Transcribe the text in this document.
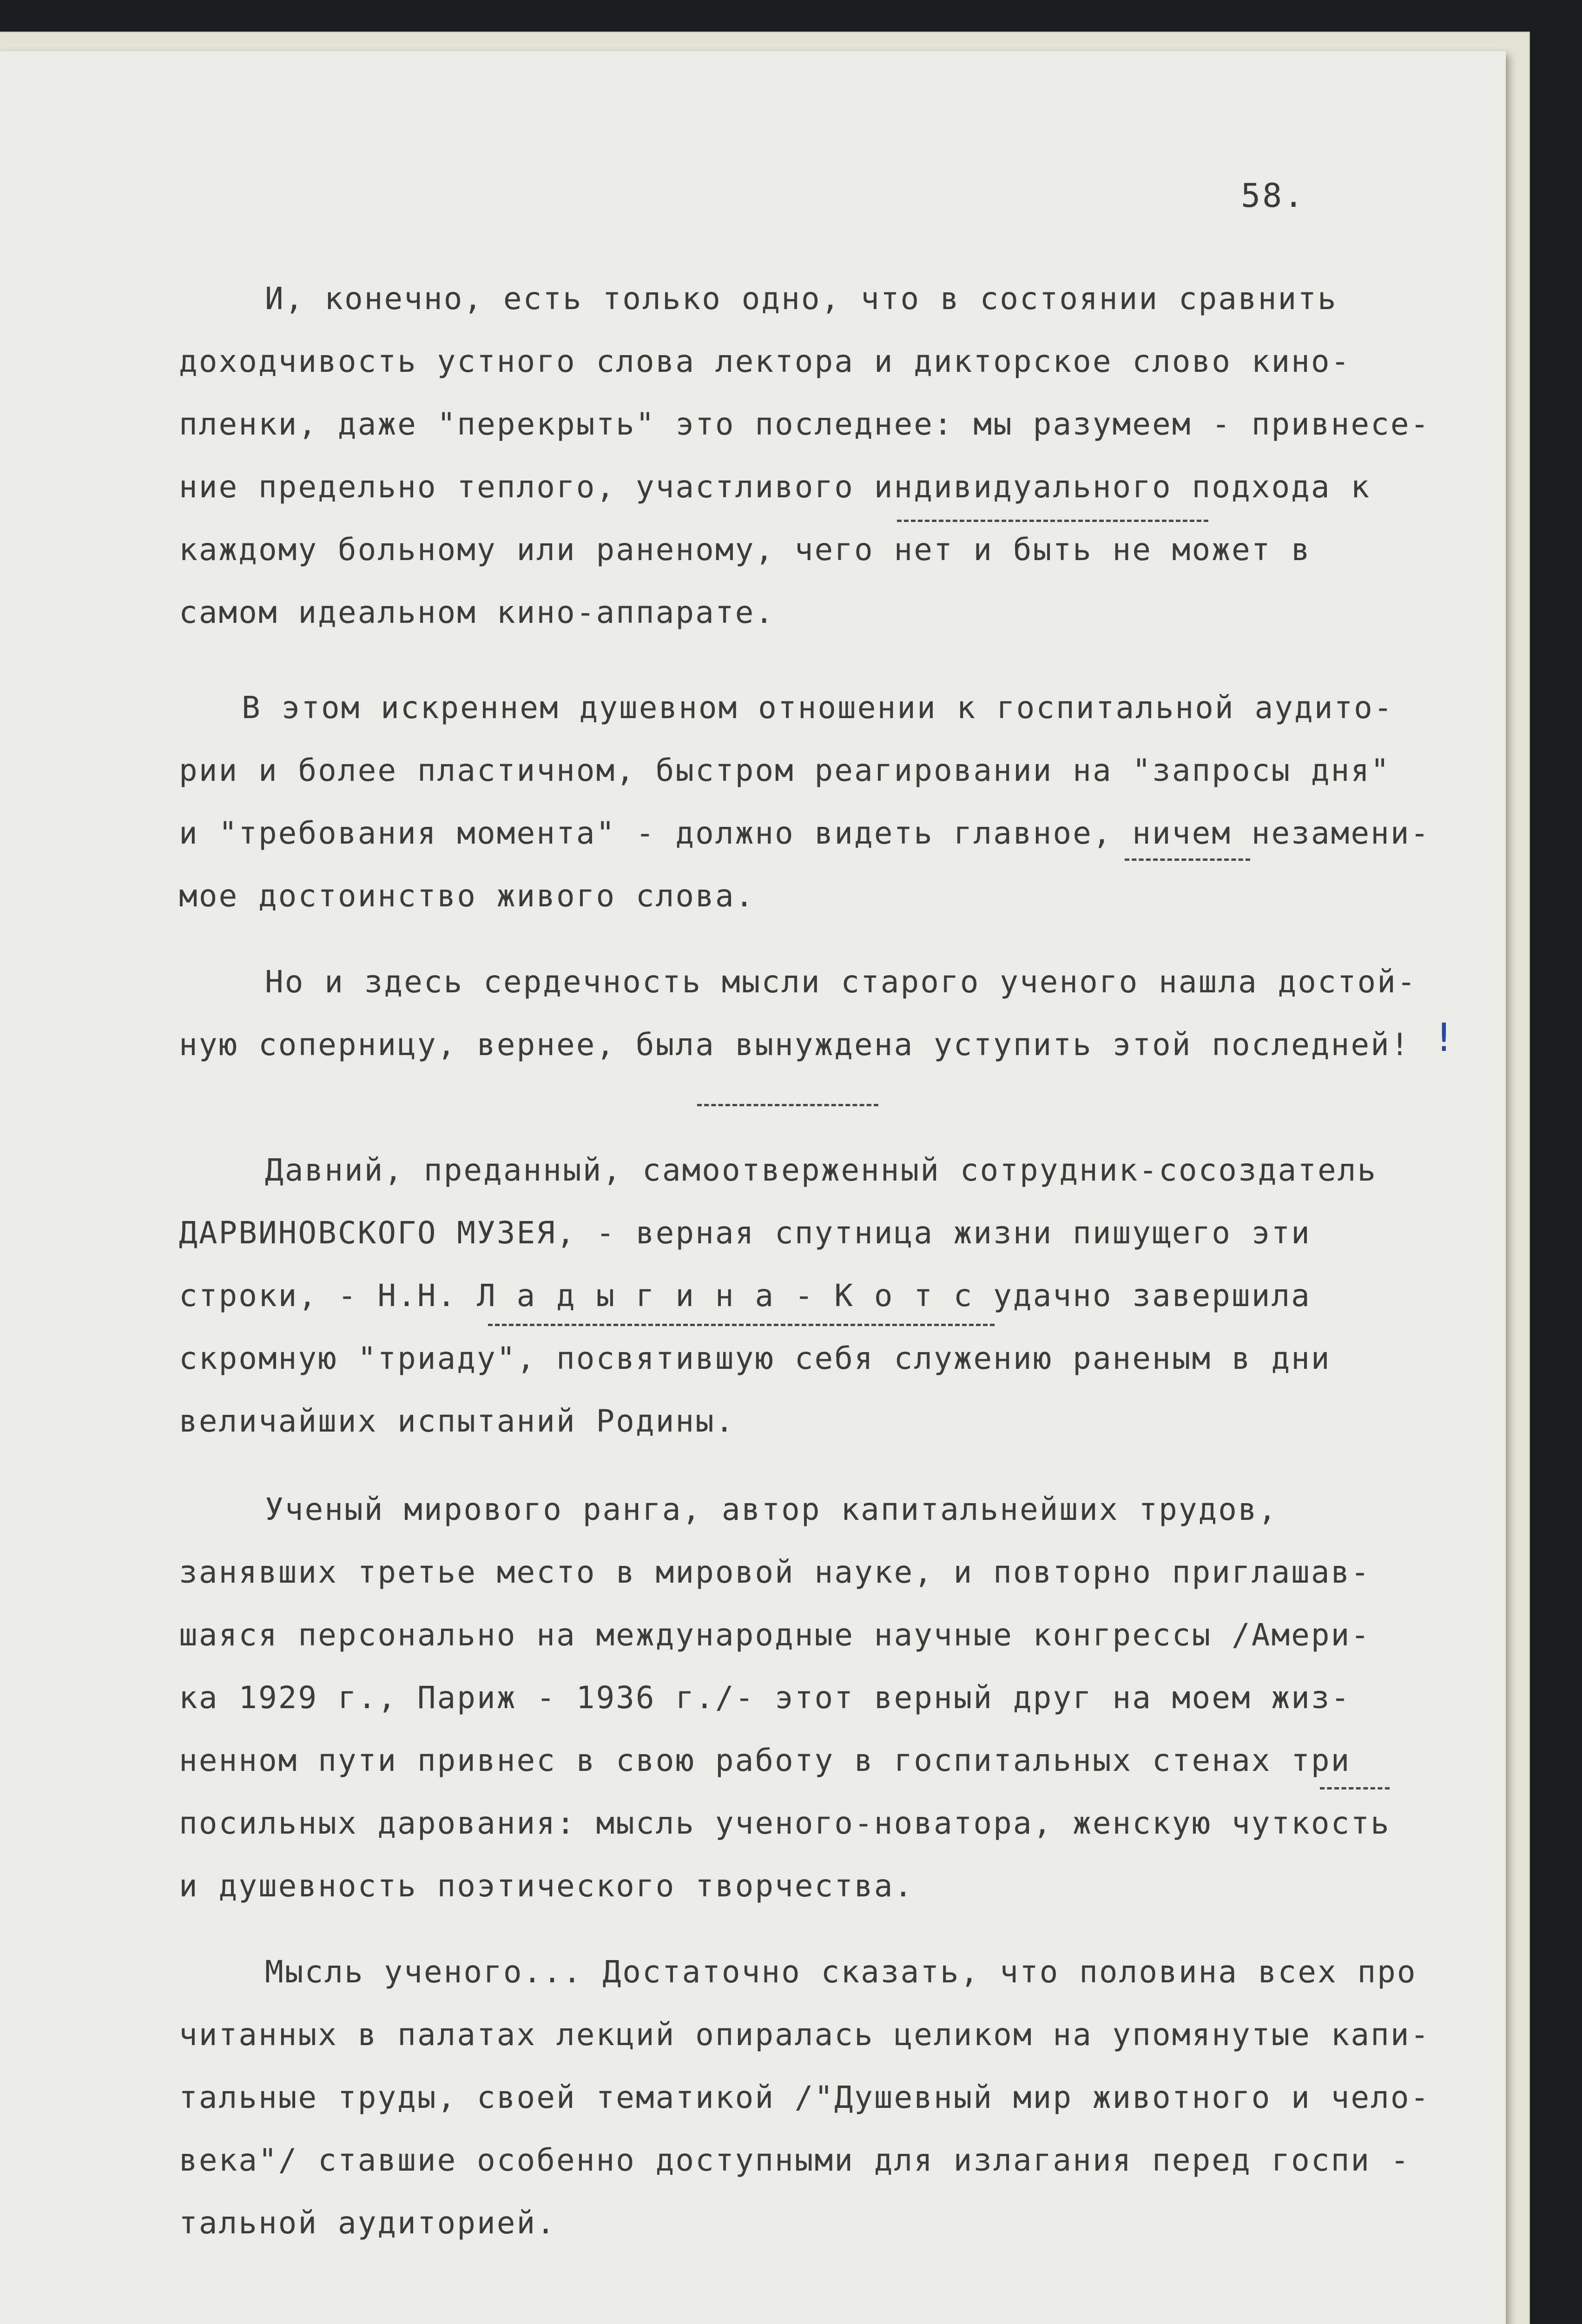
58.
И, конечно, есть только одно, что в состоянии сравнить
доходчивость устного слова лектора и дикторское слово кино-
пленки, даже "перекрыть" это последнее: мы разумеем - привнесе-
ние предельно теплого, участливого индивидуального подхода к
каждому больному или раненому, чего нет и быть не может в
самом идеальном кино-аппарате.
В этом искреннем душевном отношении к госпитальной аудито-
рии и более пластичном, быстром реагировании на "запросы дня"
и "требования момента" - должно видеть главное, ничем незамени-
мое достоинство живого слова.
Но и здесь сердечность мысли старого ученого нашла достой-
ную соперницу, вернее, была вынуждена уступить этой последней! !
Давний, преданный, самоотверженный сотрудник-сосоздатель
ДАРВИНОВСКОГО МУЗЕЯ, - верная спутница жизни пишущего эти
строки, - Н.Н. Л а д ы г и н а - К о т с удачно завершила
скромную "триаду", посвятившую себя служению раненым в дни
величайших испытаний Родины.
Ученый мирового ранга, автор капитальнейших трудов,
занявших третье место в мировой науке, и повторно приглашав-
шаяся персонально на международные научные конгрессы /Амери-
ка 1929 г., Париж - 1936 г./- этот верный друг на моем жиз-
ненном пути привнес в свою работу в госпитальных стенах три
посильных дарования: мысль ученого-новатора, женскую чуткость
и душевность поэтического творчества.
Мысль ученого... Достаточно сказать, что половина всех про
читанных в палатах лекций опиралась целиком на упомянутые капи-
тальные труды, своей тематикой /"Душевный мир животного и чело-
века"/ ставшие особенно доступными для излагания перед госпи -
тальной аудиторией.
